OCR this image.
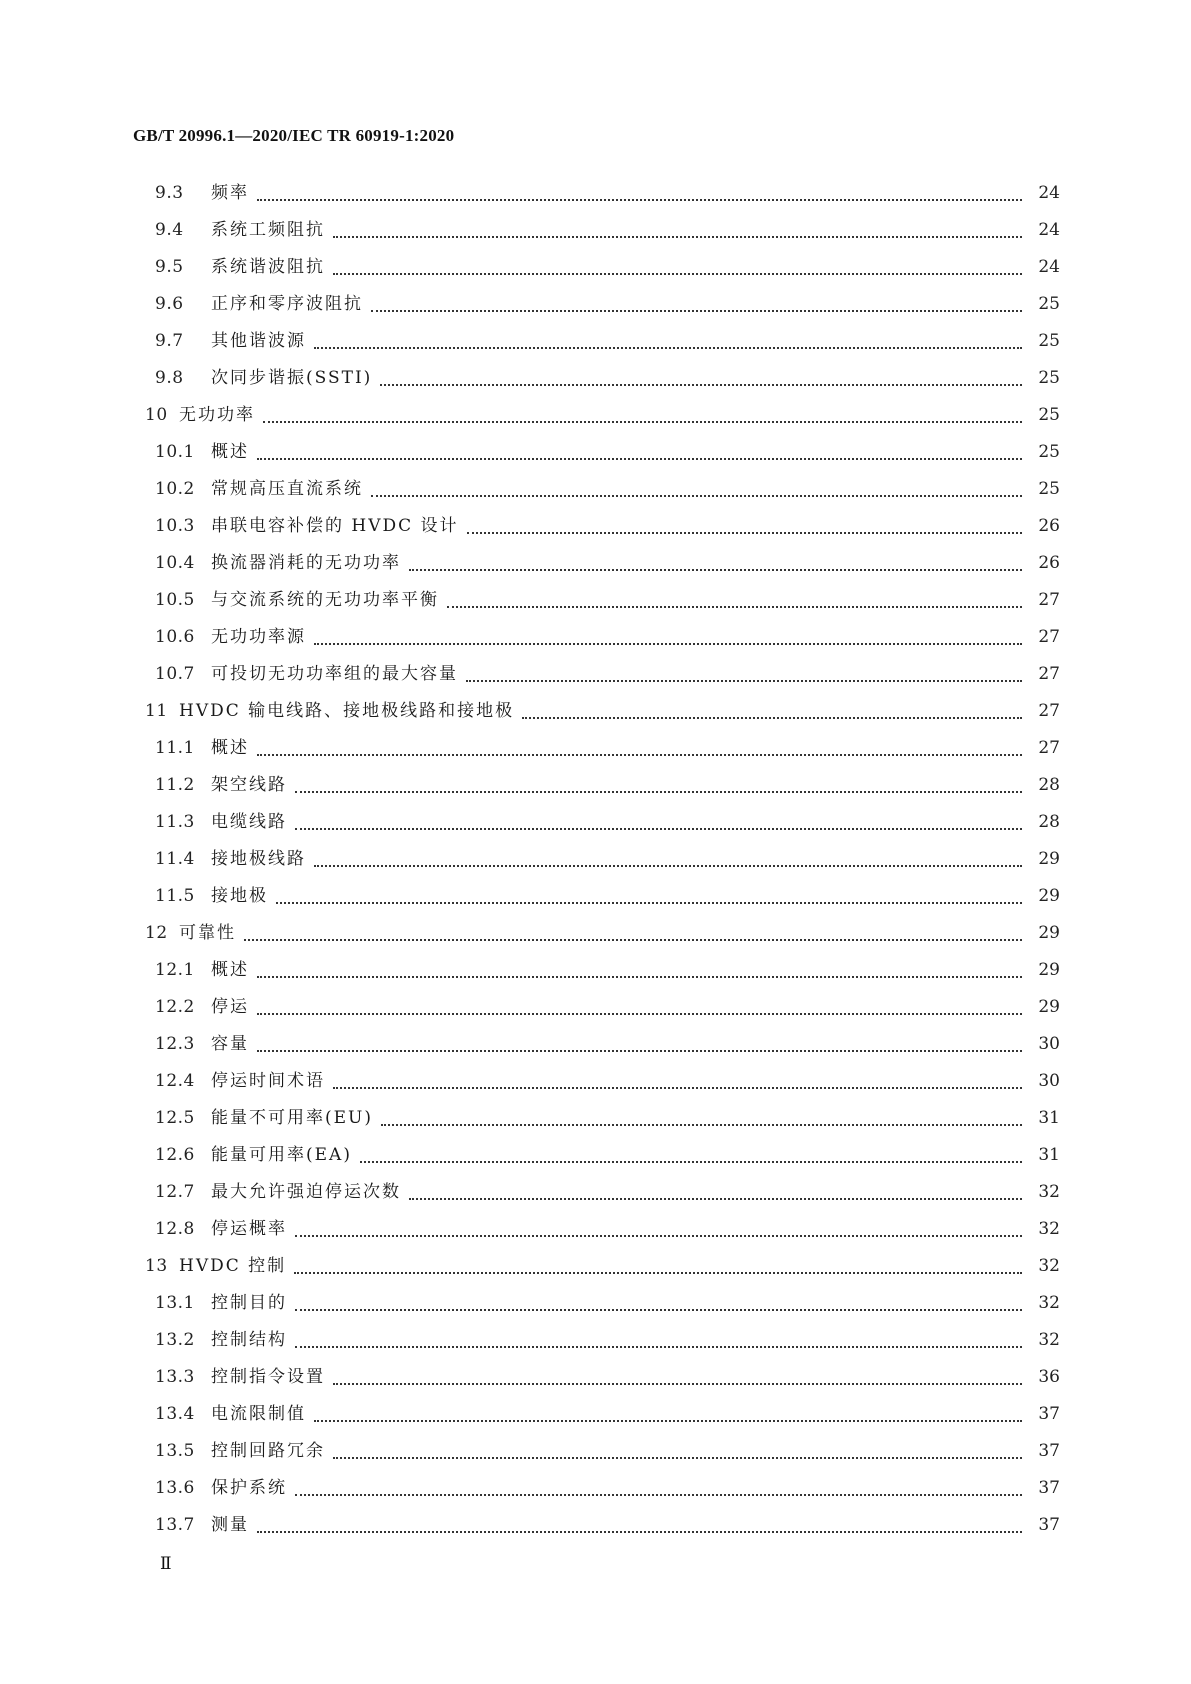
GB/T 20996.1—2020/IEC TR 60919-1:2020
9.3	频率	24
9.4	系统工频阻抗	24
9.5	系统谐波阻抗	24
9.6	正序和零序波阻抗	25
9.7	其他谐波源	25
9.8	次同步谐振(SSTI)	25
10 无功功率	25
10.1 概述	25
10.2 常规高压直流系统	25
10.3 串联电容补偿的 HVDC 设计	26
10.4 换流器消耗的无功功率	26
10.5 与交流系统的无功功率平衡	27
10.6 无功功率源	27
10.7 可投切无功功率组的最大容量	27
11 HVDC 输电线路、接地极线路和接地极	27
11.1 概述	27
11.2 架空线路	28
11.3 电缆线路	28
11.4 接地极线路	29
11.5 接地极	29
12 可靠性	29
12.1 概述	29
12.2 停运	29
12.3 容量	30
12.4 停运时间术语	30
12.5 能量不可用率(EU)	31
12.6 能量可用率(EA)	31
12.7 最大允许强迫停运次数	32
12.8 停运概率	32
13 HVDC 控制	32
13.1 控制目的	32
13.2 控制结构	32
13.3 控制指令设置	36
13.4 电流限制值	37
13.5 控制回路冗余	37
13.6 保护系统	37
13.7 测量	37
Ⅱ
